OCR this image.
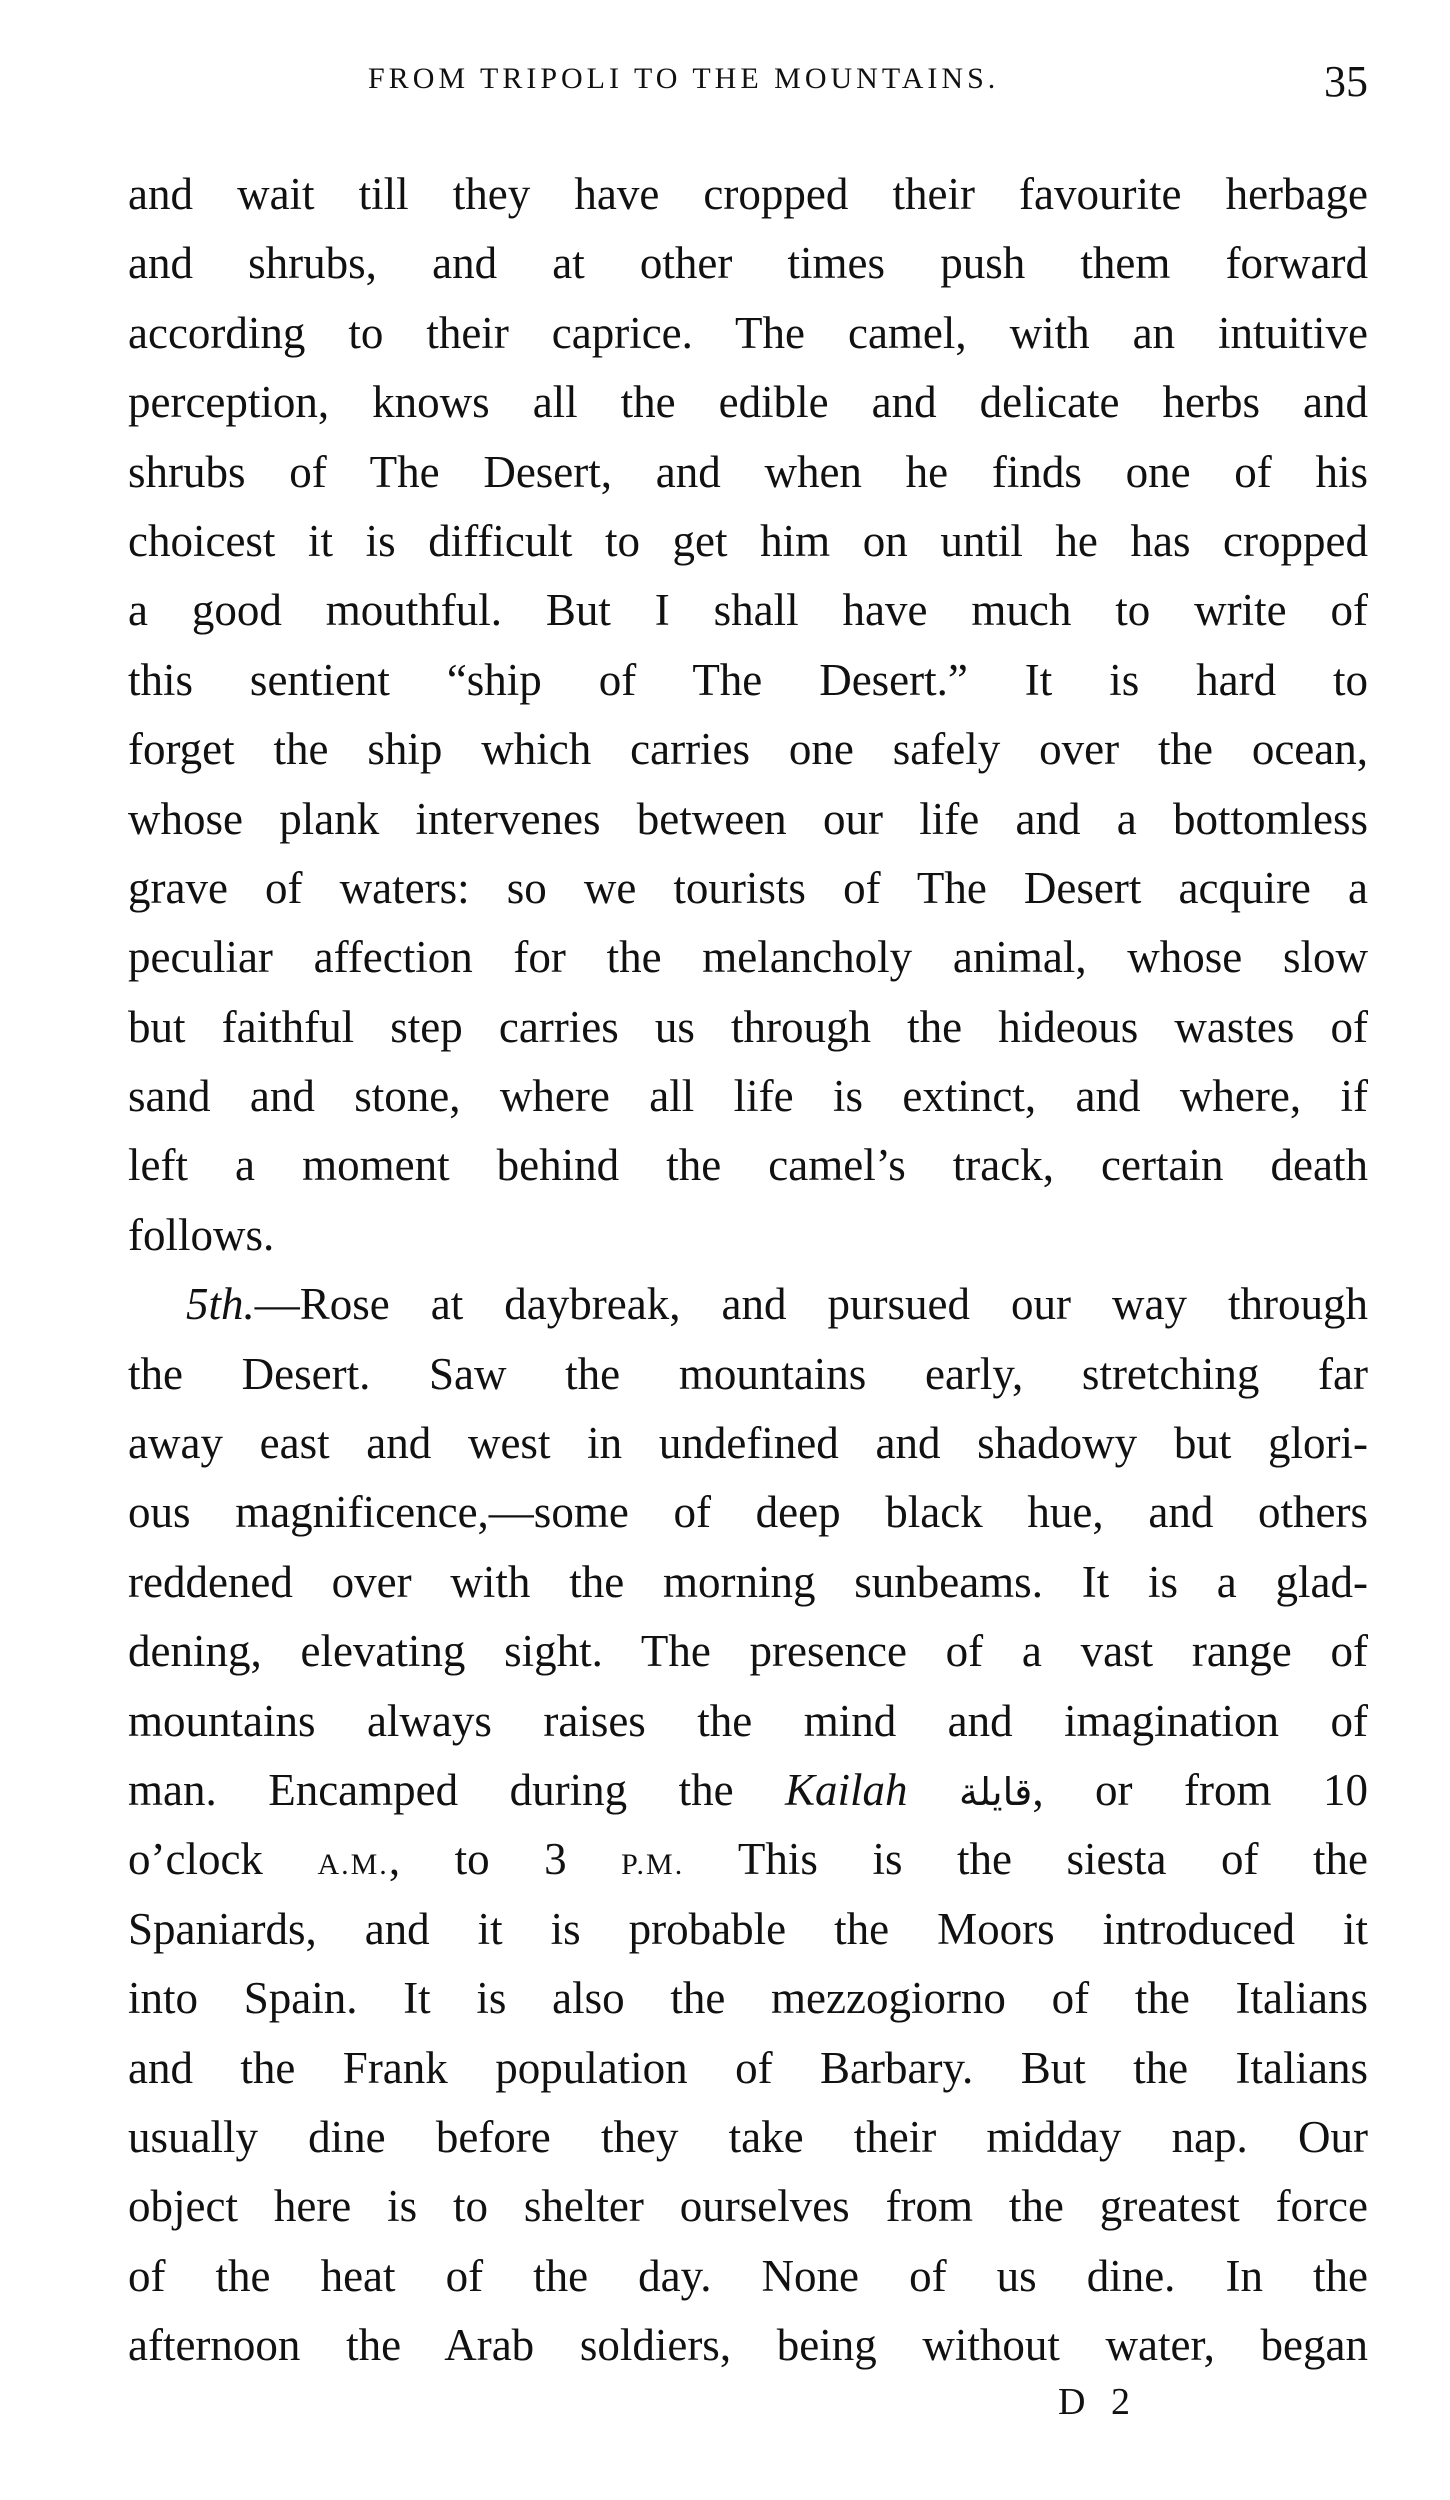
FROM TRIPOLI TO THE MOUNTAINS.	35
and wait till they have cropped their favourite herbage
and shrubs, and at other times push them forward
according to their caprice. The camel, with an intuitive
perception, knows all the edible and delicate herbs and
shrubs of The Desert, and when he finds one of his
choicest it is difficult to get him on until he has cropped
a good mouthful. But I shall have much to write of
this sentient “ship of The Desert.” It is hard to
forget the ship which carries one safely over the ocean,
whose plank intervenes between our life and a bottomless
grave of waters: so we tourists of The Desert acquire a
peculiar affection for the melancholy animal, whose slow
but faithful step carries us through the hideous wastes of
sand and stone, where all life is extinct, and where, if
left a moment behind the camel’s track, certain death
follows.
5th.—Rose at daybreak, and pursued our way through
the Desert. Saw the mountains early, stretching far
away east and west in undefined and shadowy but glori-
ous magnificence,—some of deep black hue, and others
reddened over with the morning sunbeams. It is a glad-
dening, elevating sight. The presence of a vast range of
mountains always raises the mind and imagination of
man. Encamped during the Kailah قايلة, or from 10
o’clock A.M., to 3 P.M. This is the siesta of the
Spaniards, and it is probable the Moors introduced it
into Spain. It is also the mezzogiorno of the Italians
and the Frank population of Barbary. But the Italians
usually dine before they take their midday nap. Our
object here is to shelter ourselves from the greatest force
of the heat of the day. None of us dine. In the
afternoon the Arab soldiers, being without water, began
D 2
